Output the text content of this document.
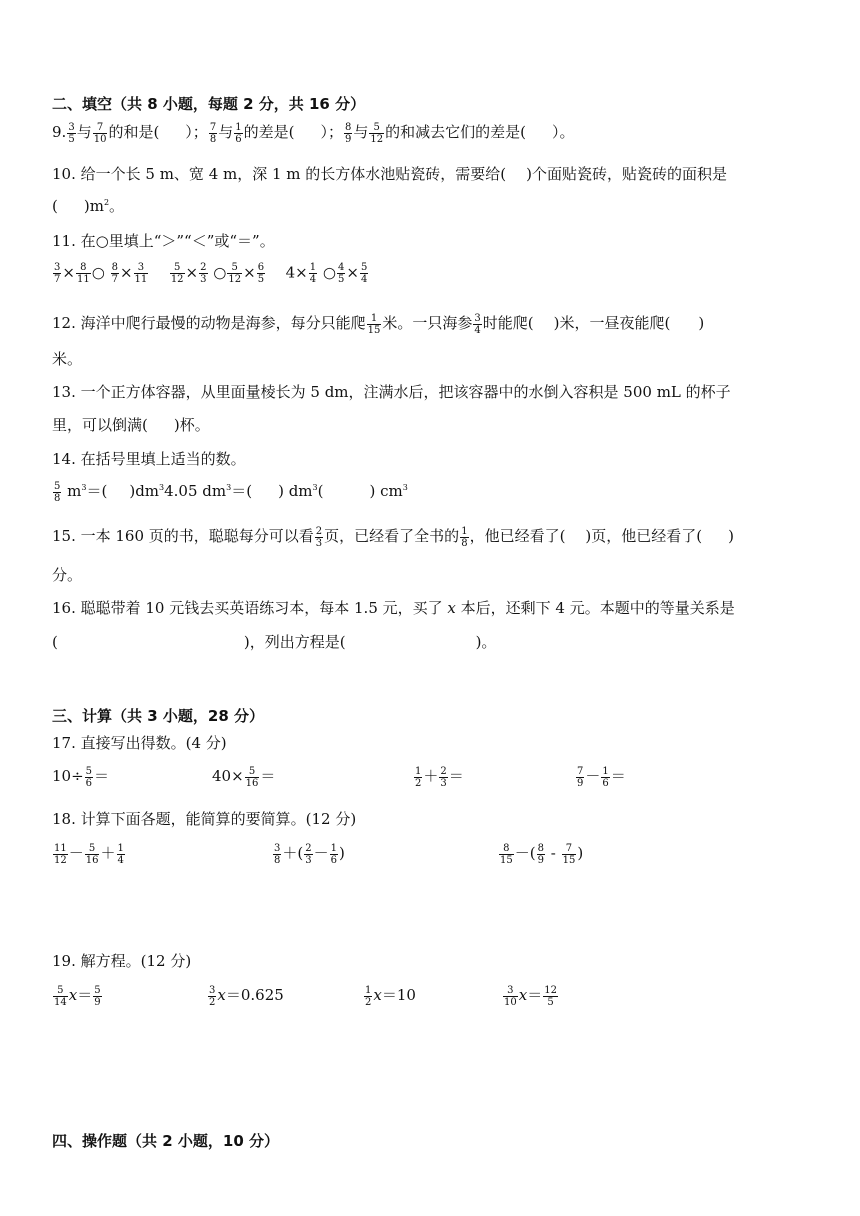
二、填空（共 8 小题，每题 2 分，共 16 分）
9. $\frac{3}{5}$ 与 $\frac{7}{10}$ 的和是( ）； $\frac{7}{8}$ 与 $\frac{1}{6}$ 的差是( ）； $\frac{8}{9}$ 与 $\frac{5}{12}$ 的和减去它们的差是( ）。
10. 给一个长 5 m、宽 4 m，深 1 m 的长方体水池贴瓷砖，需要给( )个面贴瓷砖，贴瓷砖的面积是
( )$m^2$。
11. 在○里填上“＞”“＜”或“＝”。
$\frac{3}{7} \times \frac{8}{11}$ ○ $\frac{8}{7} \times \frac{3}{11}$
$\frac{5}{12} \times \frac{2}{3}$ ○ $\frac{5}{12} \times \frac{6}{5} 4\times \frac{1}{4}$ ○ $\frac{4}{5} \times \frac{5}{4}$
12. 海洋中爬行最慢的动物是海参，每分只能爬 $\frac{1}{15}$ 米。一只海参 $\frac{3}{4}$ 时能爬( )米，一昼夜能爬( )
米。
13. 一个正方体容器，从里面量棱长为 5 dm，注满水后，把该容器中的水倒入容积是 500 mL 的杯子
里，可以倒满( )杯。
14. 在括号里填上适当的数。
$\frac{5}{8} m^3=$( )$dm^34.05$ $dm^3=$( ) $dm^3$(	) $cm^3$
15. 一本 160 页的书，聪聪每分可以看 $\frac{2}{3}$ 页，已经看了全书的 $\frac{1}{8}$ ，他已经看了( )页，他已经看了( )
分。
16. 聪聪带着 10 元钱去买英语练习本，每本 1.5 元，买了 x 本后，还剩下 4 元。本题中的等量关系是
(	)，列出方程是(	)。
三、计算（共 3 小题，28 分）
17. 直接写出得数。(4 分)
$10\div \frac{5}{6}$ ＝	$40\times \frac{5}{16}$ ＝	$\frac{1}{2} + \frac{2}{3}$ ＝	$\frac{7}{9} - \frac{1}{6}$ ＝
18. 计算下面各题，能简算的要简算。(12 分)
$\frac{11}{12} - \frac{5}{16} + \frac{1}{4}$	$\frac{3}{8}$ ＋( $\frac{2}{3} - \frac{1}{6}$ )	$\frac{8}{15}$ －( $\frac{8}{9} - \frac{7}{15}$ )
19. 解方程。(12 分)
$\frac{5}{14} x= \frac{5}{9}$	$\frac{3}{2} x=0.625$	$\frac{1}{2} x=10$	$\frac{3}{10} x= \frac{12}{5}$
四、操作题（共 2 小题，10 分）
